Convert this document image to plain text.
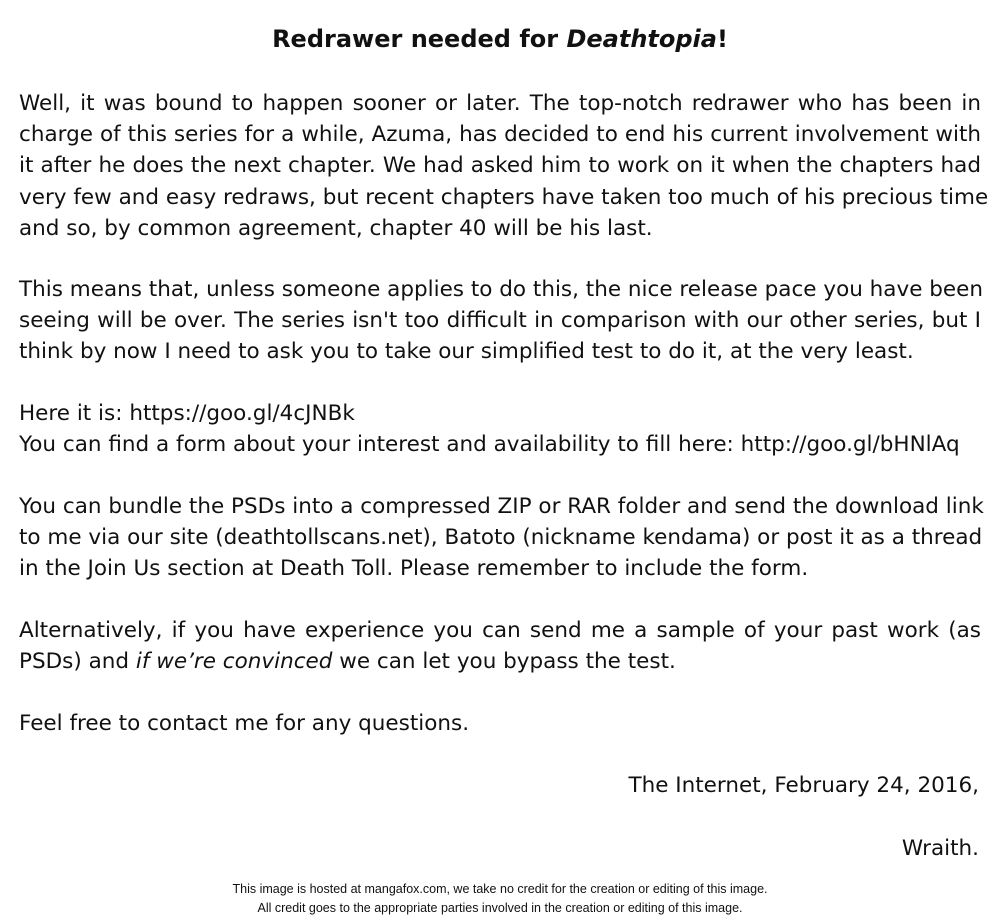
Redrawer needed for Deathtopia!
Well, it was bound to happen sooner or later. The top-notch redrawer who has been in
charge of this series for a while, Azuma, has decided to end his current involvement with
it after he does the next chapter. We had asked him to work on it when the chapters had
very few and easy redraws, but recent chapters have taken too much of his precious time
and so, by common agreement, chapter 40 will be his last.
This means that, unless someone applies to do this, the nice release pace you have been
seeing will be over. The series isn't too difficult in comparison with our other series, but I
think by now I need to ask you to take our simplified test to do it, at the very least.
Here it is: https://goo.gl/4cJNBk
You can find a form about your interest and availability to fill here: http://goo.gl/bHNlAq
You can bundle the PSDs into a compressed ZIP or RAR folder and send the download link
to me via our site (deathtollscans.net), Batoto (nickname kendama) or post it as a thread
in the Join Us section at Death Toll. Please remember to include the form.
Alternatively, if you have experience you can send me a sample of your past work (as
PSDs) and if we’re convinced we can let you bypass the test.
Feel free to contact me for any questions.
The Internet, February 24, 2016,
Wraith.
This image is hosted at mangafox.com, we take no credit for the creation or editing of this image.
All credit goes to the appropriate parties involved in the creation or editing of this image.
